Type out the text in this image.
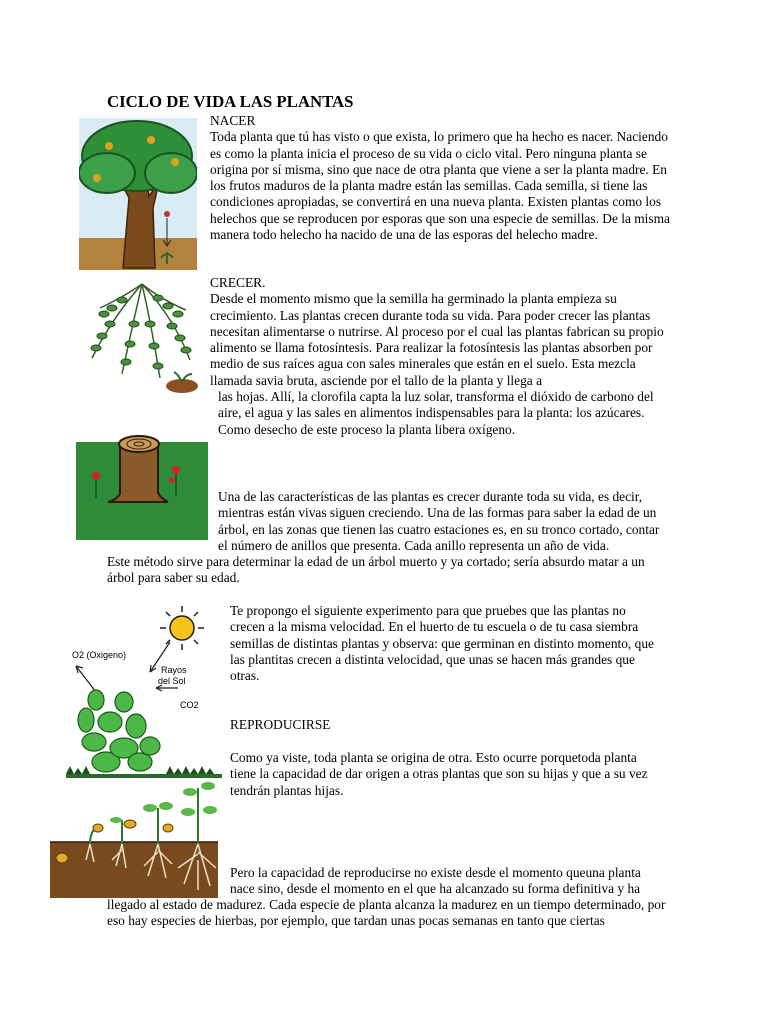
CICLO DE VIDA LAS PLANTAS

NACER

Toda planta que tú has visto o que exista, lo primero que ha hecho es nacer. Naciendo es como la planta inicia el proceso de su vida o ciclo vital. Pero ninguna planta se origina por sí misma, sino que nace de otra planta que viene a ser la planta madre. En los frutos maduros de la planta madre están las semillas. Cada semilla, si tiene las condiciones apropiadas, se convertirá en una nueva planta. Existen plantas como los helechos que se reproducen por esporas que son una especie de semillas. De la misma manera todo helecho ha nacido de una de las esporas del helecho madre.

CRECER.

Desde el momento mismo que la semilla ha germinado la planta empieza su crecimiento. Las plantas crecen durante toda su vida. Para poder crecer las plantas necesitan alimentarse o nutrirse. Al proceso por el cual las plantas fabrican su propio alimento se llama fotosíntesis. Para realizar la fotosíntesis las plantas absorben por medio de sus raíces agua con sales minerales que están en el suelo. Esta mezcla llamada savia bruta, asciende por el tallo de la planta y llega a

las hojas. Allí, la clorofila capta la luz solar, transforma el dióxido de carbono del aire, el agua y las sales en alimentos indispensables para la planta: los azúcares. Como desecho de este proceso la planta libera oxígeno.

Una de las características de las plantas es crecer durante toda su vida, es decir, mientras están vivas siguen creciendo. Una de las formas para saber la edad de un árbol, en las zonas que tienen las cuatro estaciones es, en su tronco cortado, contar el número de anillos que presenta. Cada anillo representa un año de vida.

Este método sirve para determinar la edad de un árbol muerto y ya cortado; sería absurdo matar a un árbol para saber su edad.

O2 (Oxigeno)
Rayos
del Sol
CO2

Te propongo el siguiente experimento para que pruebes que las plantas no crecen a la misma velocidad. En el huerto de tu escuela o de tu casa siembra semillas de distintas plantas y observa: que germinan en distinto momento, que las plantitas crecen a distinta velocidad, que unas se hacen más grandes que otras.

REPRODUCIRSE

Como ya viste, toda planta se origina de otra. Esto ocurre porquetoda planta tiene la capacidad de dar origen a otras plantas que son su hijas y que a su vez tendrán plantas hijas.

Pero la capacidad de reproducirse no existe desde el momento queuna planta nace sino, desde el momento en el que ha alcanzado su forma definitiva y ha

llegado al estado de madurez. Cada especie de planta alcanza la madurez en un tiempo determinado, por eso hay especies de hierbas, por ejemplo, que tardan unas pocas semanas en tanto que ciertas
